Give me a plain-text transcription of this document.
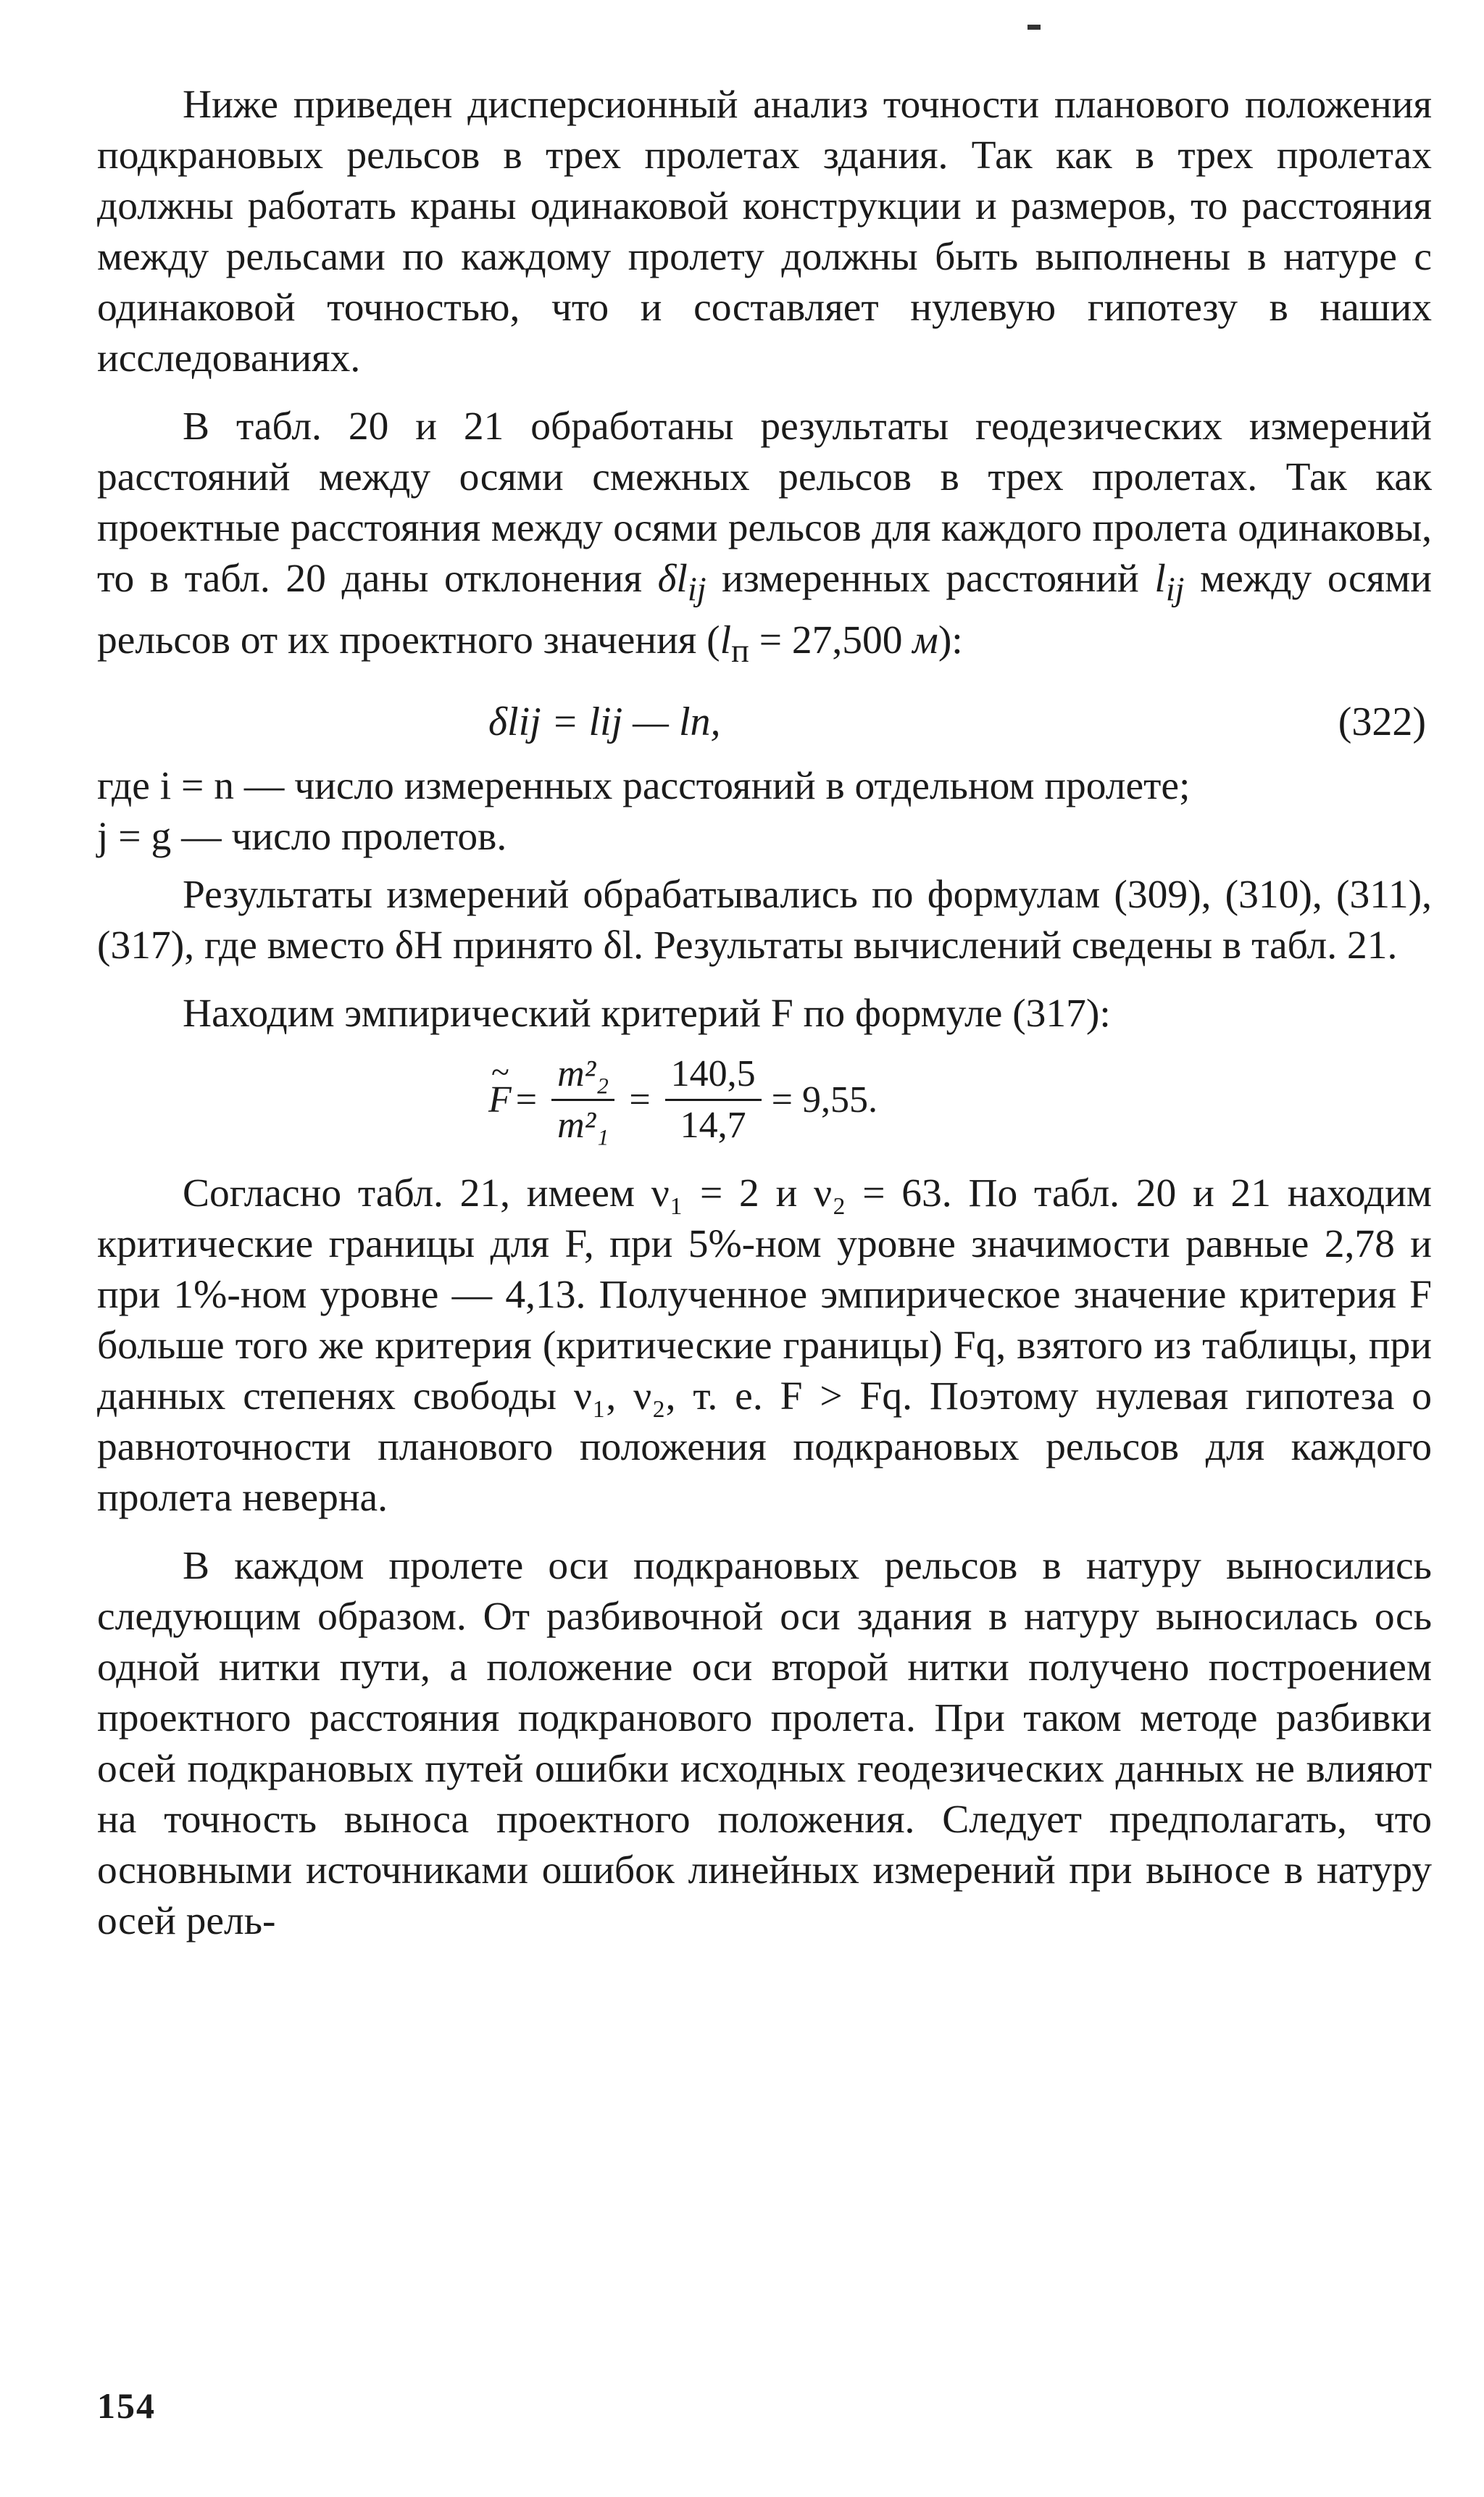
Ниже приведен дисперсионный анализ точности планового положения подкрановых рельсов в трех пролетах здания. Так как в трех пролетах должны работать краны одинаковой конструкции и размеров, то расстояния между рельсами по каждому пролету должны быть выполнены в натуре с одинаковой точностью, что и составляет нулевую гипотезу в наших исследованиях.

В табл. 20 и 21 обработаны результаты геодезических измерений расстояний между осями смежных рельсов в трех пролетах. Так как проектные расстояния между осями рельсов для каждого пролета одинаковы, то в табл. 20 даны отклонения $\delta l_{ij}$ измеренных расстояний $l_{ij}$ между осями рельсов от их проектного значения ($l_п = 27,500$ м):

δlij = lij — lп,	(322)
где i = n — число измеренных расстояний в отдельном пролете;
j = g — число пролетов.

Результаты измерений обрабатывались по формулам (309), (310), (311), (317), где вместо δH принято δl. Результаты вычислений сведены в табл. 21.

Находим эмпирический критерий F по формуле (317):

~ $F = \frac{\text{m²₂}}{\text{m²₁}} = \frac{140,5}{14,7} = 9,55$.

Согласно табл. 21, имеем ν₁ = 2 и ν₂ = 63. По табл. 20 и 21 находим критические границы для F, при 5%-ном уровне значимости равные 2,78 и при 1%-ном уровне — 4,13. Полученное эмпирическое значение критерия F больше того же критерия (критические границы) Fq, взятого из таблицы, при данных степенях свободы ν₁, ν₂, т. е. F > Fq. Поэтому нулевая гипотеза о равноточности планового положения подкрановых рельсов для каждого пролета неверна.

В каждом пролете оси подкрановых рельсов в натуру выносились следующим образом. От разбивочной оси здания в натуру выносилась ось одной нитки пути, а положение оси второй нитки получено построением проектного расстояния подкранового пролета. При таком методе разбивки осей подкрановых путей ошибки исходных геодезических данных не влияют на точность выноса проектного положения. Следует предполагать, что основными источниками ошибок линейных измерений при выносе в натуру осей рель-

154
